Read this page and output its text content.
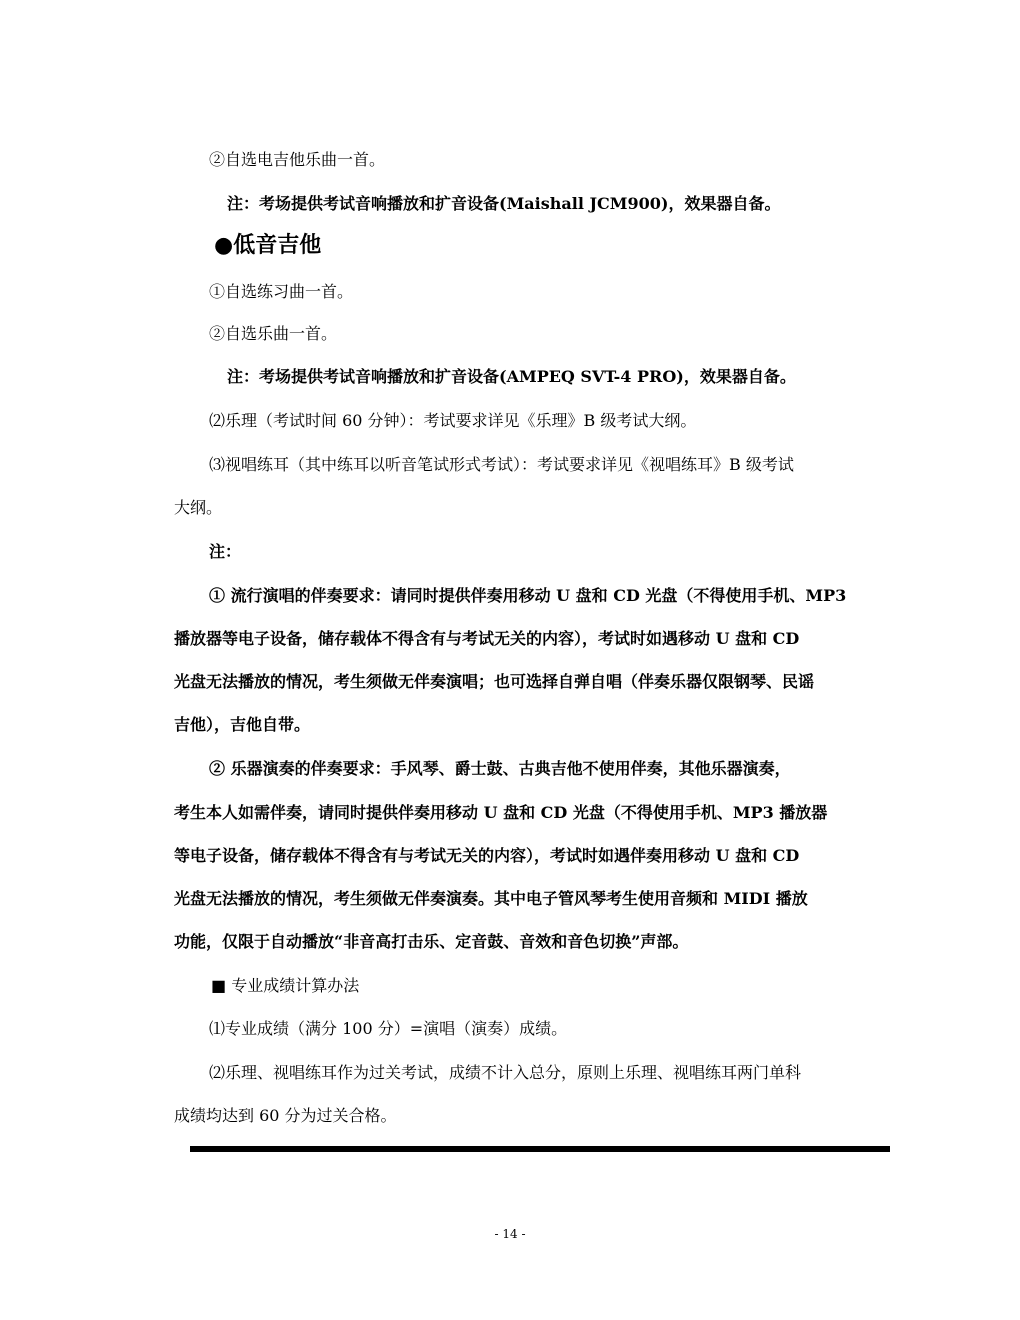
②自选电吉他乐曲一首。
注：考场提供考试音响播放和扩音设备(Maishall JCM900)，效果器自备。
●低音吉他
①自选练习曲一首。
②自选乐曲一首。
注：考场提供考试音响播放和扩音设备(AMPEQ SVT-4 PRO)，效果器自备。
⑵乐理（考试时间 60 分钟）：考试要求详见《乐理》B 级考试大纲。
⑶视唱练耳（其中练耳以听音笔试形式考试）：考试要求详见《视唱练耳》B 级考试
大纲。
注：
① 流行演唱的伴奏要求：请同时提供伴奏用移动 U 盘和 CD 光盘（不得使用手机、MP3
播放器等电子设备，储存载体不得含有与考试无关的内容），考试时如遇移动 U 盘和 CD
光盘无法播放的情况，考生须做无伴奏演唱；也可选择自弹自唱（伴奏乐器仅限钢琴、民谣
吉他），吉他自带。
② 乐器演奏的伴奏要求：手风琴、爵士鼓、古典吉他不使用伴奏，其他乐器演奏，
考生本人如需伴奏，请同时提供伴奏用移动 U 盘和 CD 光盘（不得使用手机、MP3 播放器
等电子设备，储存载体不得含有与考试无关的内容），考试时如遇伴奏用移动 U 盘和 CD
光盘无法播放的情况，考生须做无伴奏演奏。其中电子管风琴考生使用音频和 MIDI 播放
功能，仅限于自动播放“非音高打击乐、定音鼓、音效和音色切换”声部。
■ 专业成绩计算办法
⑴专业成绩（满分 100 分）=演唱（演奏）成绩。
⑵乐理、视唱练耳作为过关考试，成绩不计入总分，原则上乐理、视唱练耳两门单科
成绩均达到 60 分为过关合格。
- 14 -
